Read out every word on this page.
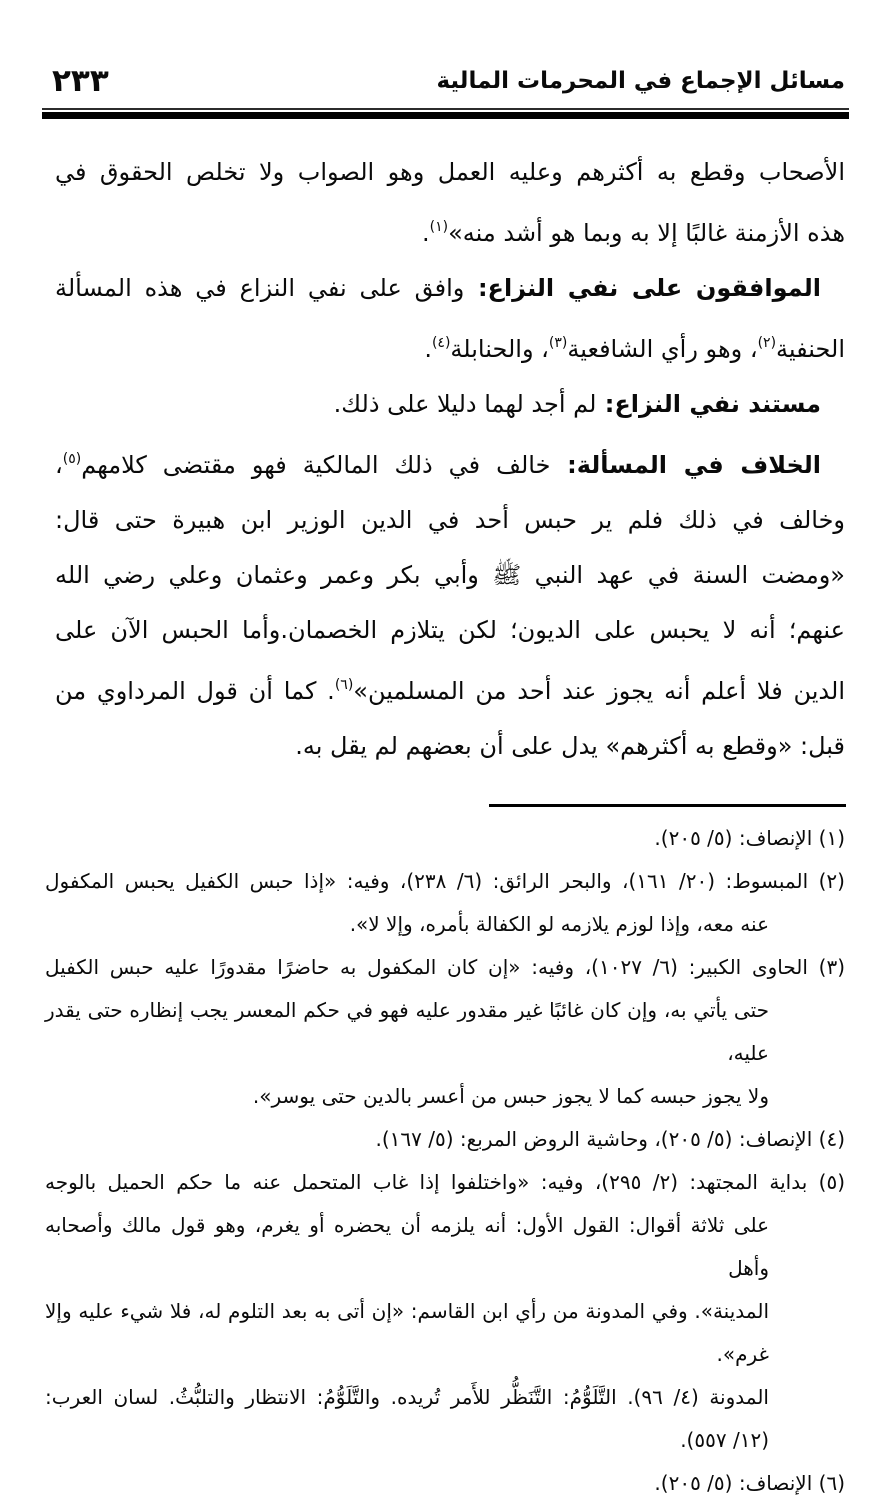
مسائل الإجماع في المحرمات المالية
٢٣٣
الأصحاب وقطع به أكثرهم وعليه العمل وهو الصواب ولا تخلص الحقوق في
هذه الأزمنة غالبًا إلا به وبما هو أشد منه»$^{(١)}$.
الموافقون على نفي النزاع: وافق على نفي النزاع في هذه المسألة
الحنفية$^{(٢)}$، وهو رأي الشافعية$^{(٣)}$، والحنابلة$^{(٤)}$.
مستند نفي النزاع: لم أجد لهما دليلا على ذلك.
الخلاف في المسألة: خالف في ذلك المالكية فهو مقتضى كلامهم$^{(٥)}$،
وخالف في ذلك فلم ير حبس أحد في الدين الوزير ابن هبيرة حتى قال:
«ومضت السنة في عهد النبي ﷺ وأبي بكر وعمر وعثمان وعلي رضي الله
عنهم؛ أنه لا يحبس على الديون؛ لكن يتلازم الخصمان.وأما الحبس الآن على
الدين فلا أعلم أنه يجوز عند أحد من المسلمين»$^{(٦)}$. كما أن قول المرداوي من
قبل: «وقطع به أكثرهم» يدل على أن بعضهم لم يقل به.
(١) الإنصاف: (٥/ ٢٠٥).
(٢) المبسوط: (٢٠/ ١٦١)، والبحر الرائق: (٦/ ٢٣٨)، وفيه: «إذا حبس الكفيل يحبس المكفول
عنه معه، وإذا لوزم يلازمه لو الكفالة بأمره، وإلا لا».
(٣) الحاوى الكبير: (٦/ ١٠٢٧)، وفيه: «إن كان المكفول به حاضرًا مقدورًا عليه حبس الكفيل
حتى يأتي به، وإن كان غائبًا غير مقدور عليه فهو في حكم المعسر يجب إنظاره حتى يقدر عليه،
ولا يجوز حبسه كما لا يجوز حبس من أعسر بالدين حتى يوسر».
(٤) الإنصاف: (٥/ ٢٠٥)، وحاشية الروض المربع: (٥/ ١٦٧).
(٥) بداية المجتهد: (٢/ ٢٩٥)، وفيه: «واختلفوا إذا غاب المتحمل عنه ما حكم الحميل بالوجه
على ثلاثة أقوال: القول الأول: أنه يلزمه أن يحضره أو يغرم، وهو قول مالك وأصحابه وأهل
المدينة». وفي المدونة من رأي ابن القاسم: «إن أتى به بعد التلوم له، فلا شيء عليه وإلا غرم».
المدونة (٤/ ٩٦). التَّلَوُّمُ: التَّنَظُّر للأَمر تُريده. والتَّلَوُّمُ: الانتظار والتلبُّثُ. لسان العرب:
(١٢/ ٥٥٧).
(٦) الإنصاف: (٥/ ٢٠٥).
